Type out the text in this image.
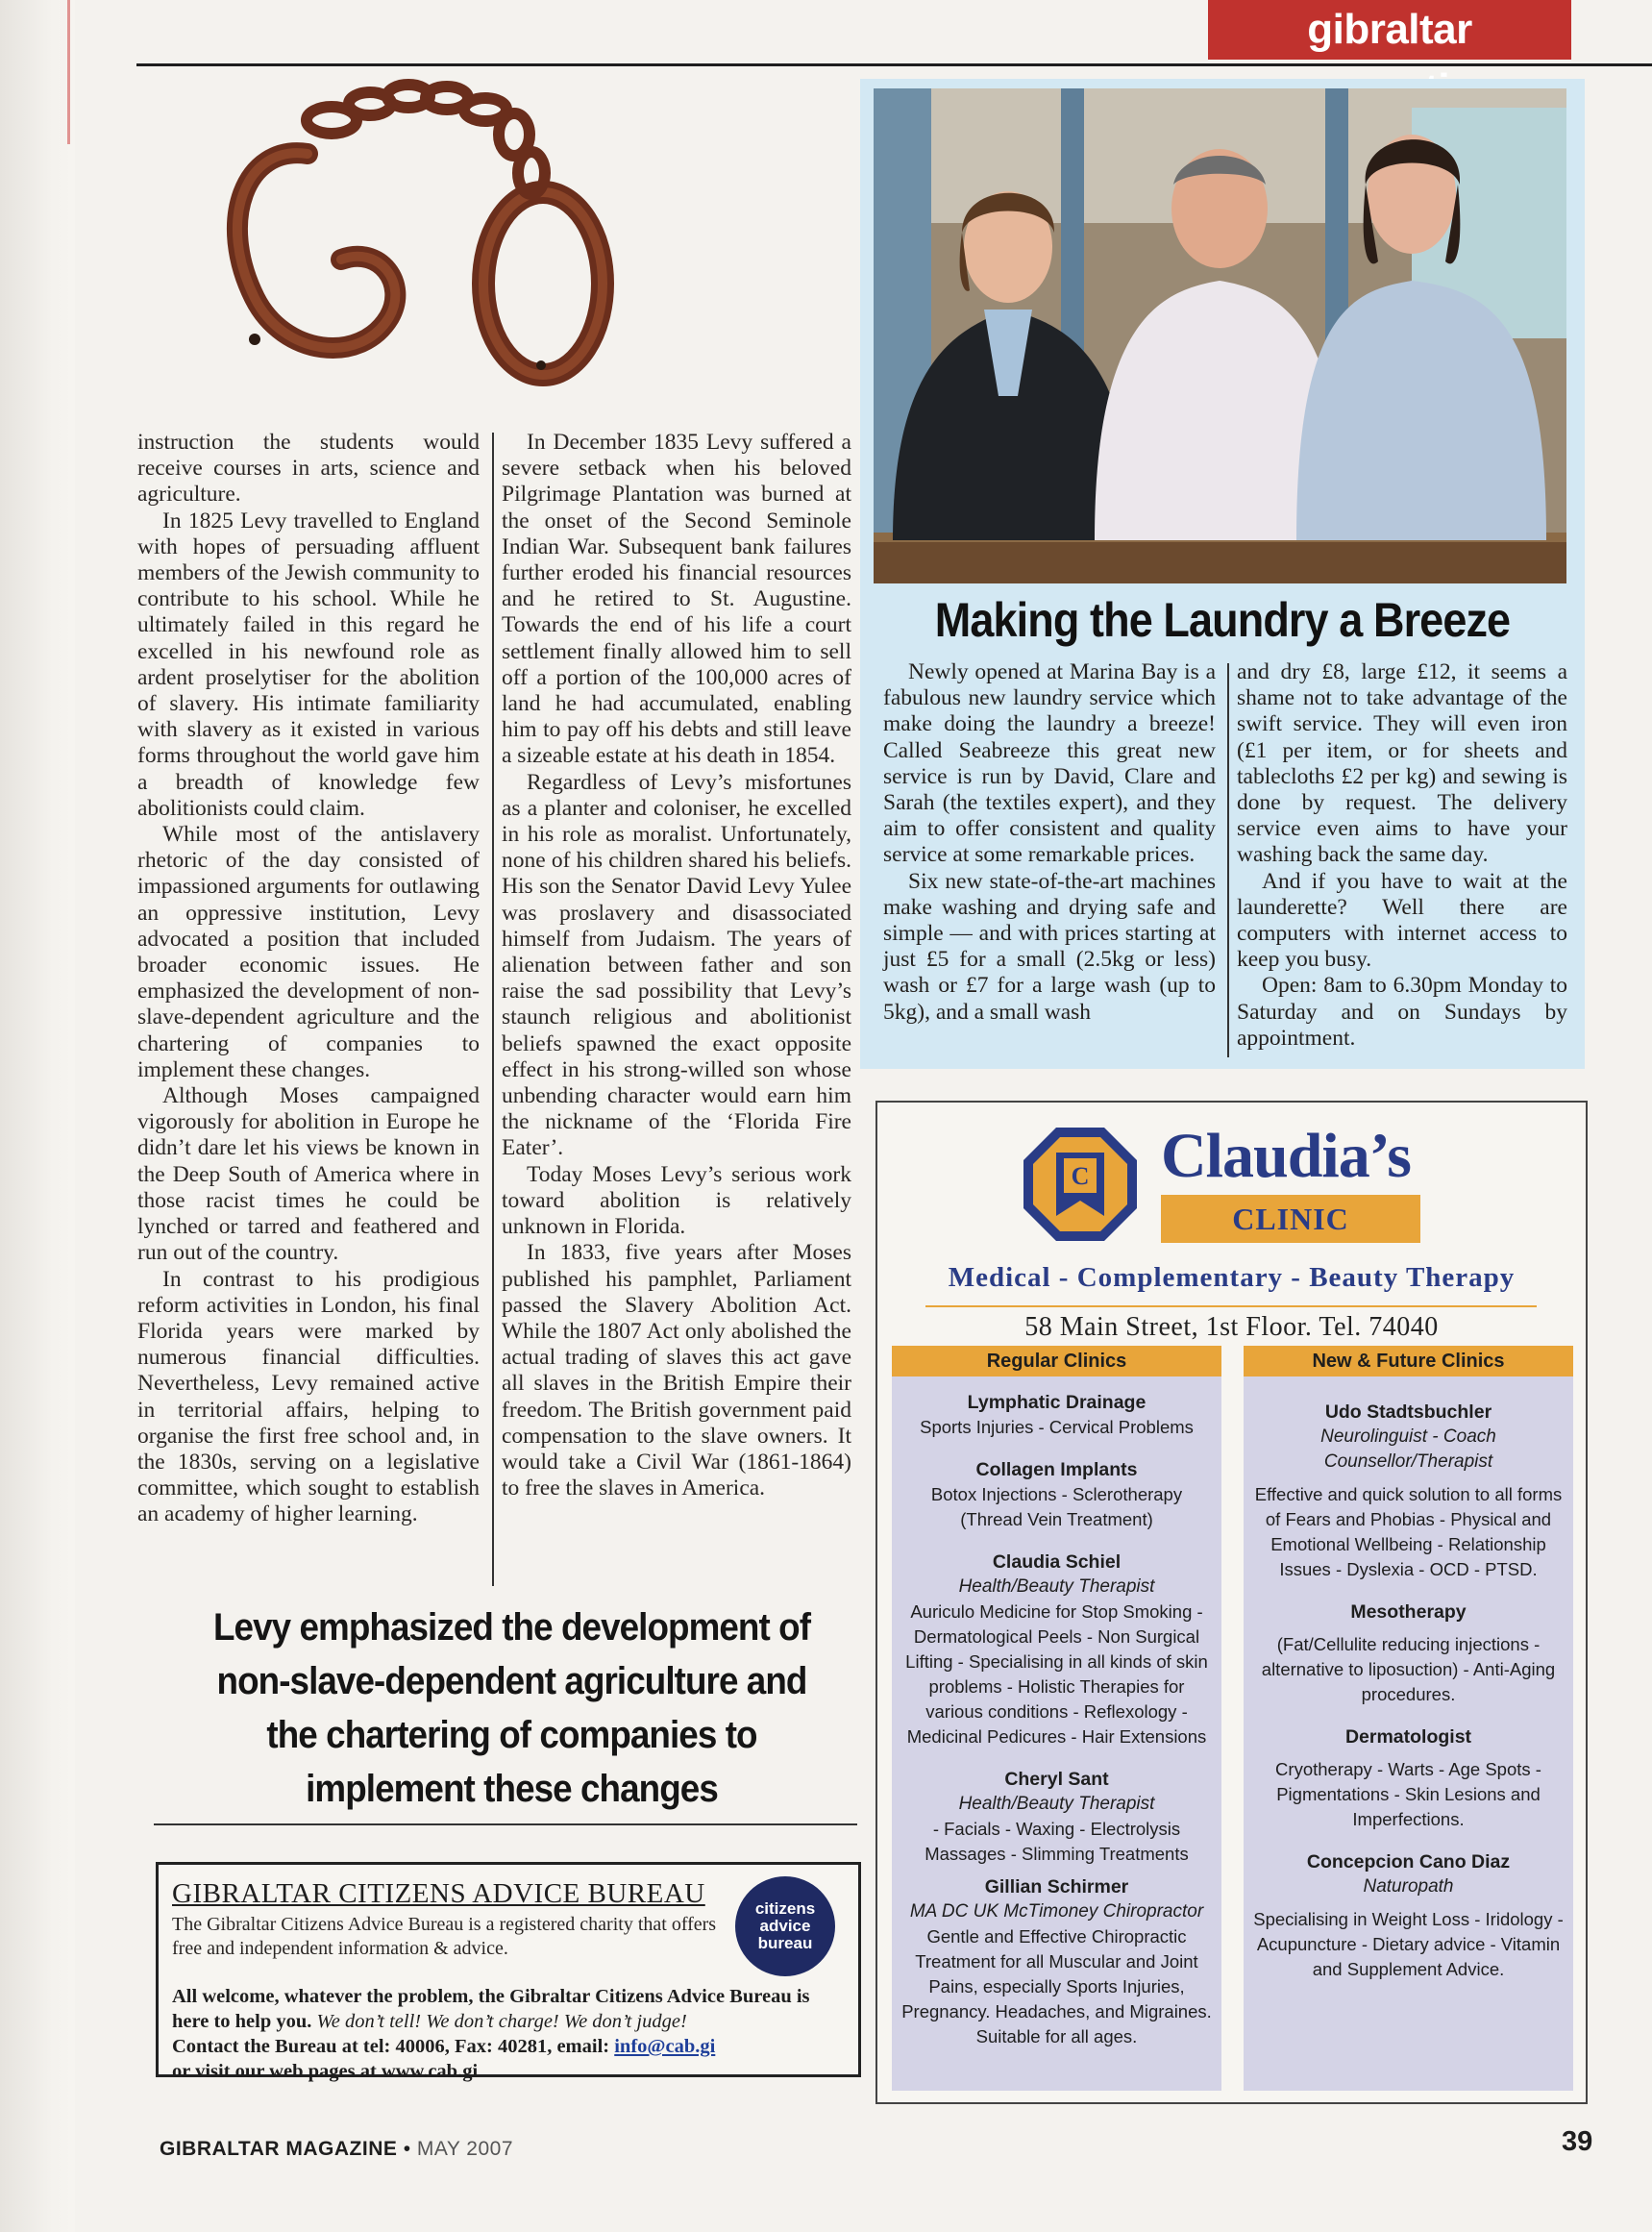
gibraltar

instruction the students would receive courses in arts, science and agriculture.

In 1825 Levy travelled to England with hopes of persuading affluent members of the Jewish community to contribute to his school. While he ultimately failed in this regard he excelled in his newfound role as ardent proselytiser for the abolition of slavery. His intimate familiarity with slavery as it existed in various forms throughout the world gave him a breadth of knowledge few abolitionists could claim.

While most of the antislavery rhetoric of the day consisted of impassioned arguments for outlawing an oppressive institution, Levy advocated a position that included broader economic issues. He emphasized the development of non-slave-dependent agriculture and the chartering of companies to implement these changes.

Although Moses campaigned vigorously for abolition in Europe he didn’t dare let his views be known in the Deep South of America where in those racist times he could be lynched or tarred and feathered and run out of the country.

In contrast to his prodigious reform activities in London, his final Florida years were marked by numerous financial difficulties. Nevertheless, Levy remained active in territorial affairs, helping to organise the first free school and, in the 1830s, serving on a legislative committee, which sought to establish an academy of higher learning.

In December 1835 Levy suffered a severe setback when his beloved Pilgrimage Plantation was burned at the onset of the Second Seminole Indian War. Subsequent bank failures further eroded his financial resources and he retired to St. Augustine. Towards the end of his life a court settlement finally allowed him to sell off a portion of the 100,000 acres of land he had accumulated, enabling him to pay off his debts and still leave a sizeable estate at his death in 1854.

Regardless of Levy’s misfortunes as a planter and coloniser, he excelled in his role as moralist. Unfortunately, none of his children shared his beliefs. His son the Senator David Levy Yulee was proslavery and disassociated himself from Judaism. The years of alienation between father and son raise the sad possibility that Levy’s staunch religious and abolitionist beliefs spawned the exact opposite effect in his strong-willed son whose unbending character would earn him the nickname of the ‘Florida Fire Eater’.

Today Moses Levy’s serious work toward abolition is relatively unknown in Florida.

In 1833, five years after Moses published his pamphlet, Parliament passed the Slavery Abolition Act. While the 1807 Act only abolished the actual trading of slaves this act gave all slaves in the British Empire their freedom. The British government paid compensation to the slave owners. It would take a Civil War (1861-1864) to free the slaves in America.

Levy emphasized the development of non-slave-dependent agriculture and the chartering of companies to implement these changes
GIBRALTAR CITIZENS ADVICE BUREAU
The Gibraltar Citizens Advice Bureau is a registered charity that offers free and independent information & advice.
citizens advice bureau
All welcome, whatever the problem, the Gibraltar Citizens Advice Bureau is here to help you. We don’t tell! We don’t charge! We don’t judge!
Contact the Bureau at tel: 40006, Fax: 40281, email: info@cab.gi
or visit our web pages at www.cab.gi
Making the Laundry a Breeze

Newly opened at Marina Bay is a fabulous new laundry service which make doing the laundry a breeze! Called Seabreeze this great new service is run by David, Clare and Sarah (the textiles expert), and they aim to offer consistent and quality service at some remarkable prices.

Six new state-of-the-art machines make washing and drying safe and simple — and with prices starting at just £5 for a small (2.5kg or less) wash or £7 for a large wash (up to 5kg), and a small wash

and dry £8, large £12, it seems a shame not to take advantage of the swift service. They will even iron (£1 per item, or for sheets and tablecloths £2 per kg) and sewing is done by request. The delivery service even aims to have your washing back the same day.

And if you have to wait at the launderette? Well there are computers with internet access to keep you busy.

Open: 8am to 6.30pm Monday to Saturday and on Sundays by appointment.

C Claudia’s
CLINIC
Medical - Complementary - Beauty Therapy
58 Main Street, 1st Floor. Tel. 74040
Regular Clinics
Lymphatic Drainage
Sports Injuries - Cervical Problems
Collagen Implants
Botox Injections - Sclerotherapy (Thread Vein Treatment)
Claudia Schiel
Health/Beauty Therapist
Auriculo Medicine for Stop Smoking - Dermatological Peels - Non Surgical Lifting - Specialising in all kinds of skin problems - Holistic Therapies for various conditions - Reflexology - Medicinal Pedicures - Hair Extensions
Cheryl Sant
Health/Beauty Therapist
- Facials - Waxing - Electrolysis Massages - Slimming Treatments
Gillian Schirmer
MA DC UK McTimoney Chiropractor
Gentle and Effective Chiropractic Treatment for all Muscular and Joint Pains, especially Sports Injuries, Pregnancy. Headaches, and Migraines. Suitable for all ages.
New & Future Clinics
Udo Stadtsbuchler
Neurolinguist - Coach Counsellor/Therapist
Effective and quick solution to all forms of Fears and Phobias - Physical and Emotional Wellbeing - Relationship Issues - Dyslexia - OCD - PTSD.
Mesotherapy
(Fat/Cellulite reducing injections - alternative to liposuction) - Anti-Aging procedures.
Dermatologist
Cryotherapy - Warts - Age Spots - Pigmentations - Skin Lesions and Imperfections.
Concepcion Cano Diaz
Naturopath
Specialising in Weight Loss - Iridology - Acupuncture - Dietary advice - Vitamin and Supplement Advice.
GIBRALTAR MAGAZINE • MAY 2007	39
